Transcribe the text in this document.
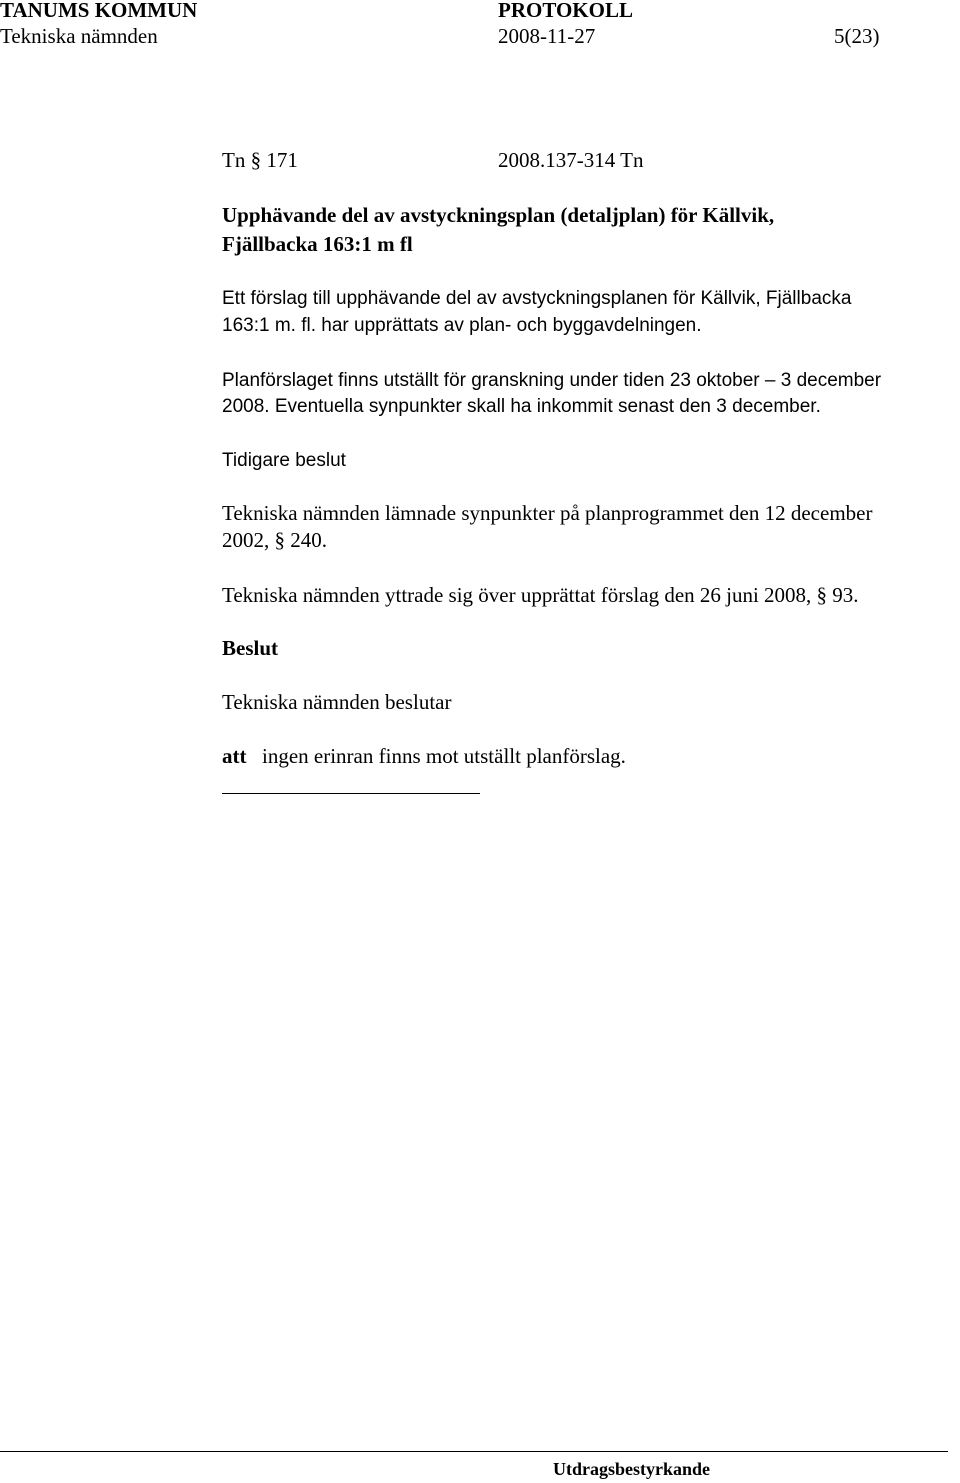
TANUMS KOMMUN	PROTOKOLL
Tekniska nämnden	2008-11-27	5(23)
Tn § 171	2008.137-314 Tn
Upphävande del av avstyckningsplan (detaljplan) för Källvik,
Fjällbacka 163:1 m fl
Ett förslag till upphävande del av avstyckningsplanen för Källvik, Fjällbacka
163:1 m. fl. har upprättats av plan- och byggavdelningen.
Planförslaget finns utställt för granskning under tiden 23 oktober – 3 december
2008. Eventuella synpunkter skall ha inkommit senast den 3 december.
Tidigare beslut
Tekniska nämnden lämnade synpunkter på planprogrammet den 12 december
2002, § 240.
Tekniska nämnden yttrade sig över upprättat förslag den 26 juni 2008, § 93.
Beslut
Tekniska nämnden beslutar
att ingen erinran finns mot utställt planförslag.
Utdragsbestyrkande
